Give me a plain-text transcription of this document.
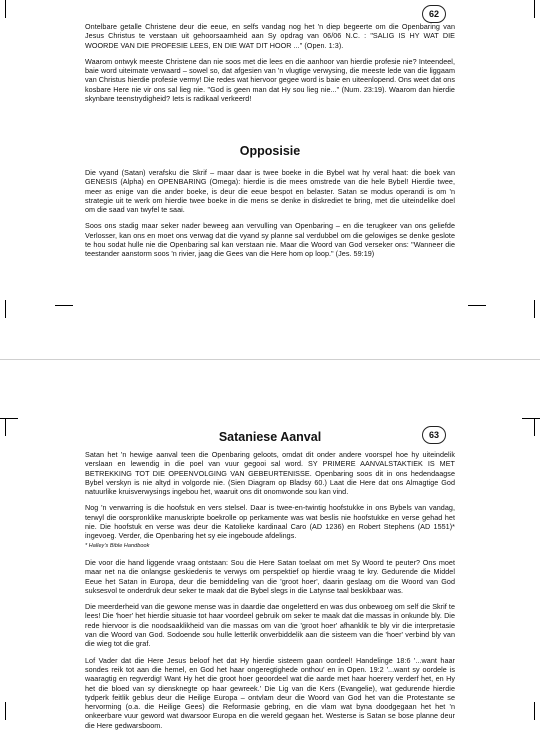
62

Ontelbare getalle Christene deur die eeue, en selfs vandag nog het 'n diep begeerte om die Openbaring van Jesus Christus te verstaan uit gehoorsaamheid aan Sy opdrag van 06/06 N.C. : "SALIG IS HY WAT DIE WOORDE VAN DIE PROFESIE LEES, EN DIE WAT DIT HOOR ..." (Open. 1:3).

Waarom ontwyk meeste Christene dan nie soos met die lees en die aanhoor van hierdie profesie nie? Inteendeel, baie word uiteimate verwaard – sowel so, dat afgesien van 'n vlugtige verwysing, die meeste lede van die liggaam van Christus hierdie profesie vermy! Die redes wat hiervoor gegee word is baie en uiteenlopend. Ons weet dat ons kosbare Here nie vir ons sal lieg nie. "God is geen man dat Hy sou lieg nie..." (Num. 23:19). Waarom dan hierdie skynbare teenstrydigheid? Iets is radikaal verkeerd!

Opposisie

Die vyand (Satan) verafsku die Skrif – maar daar is twee boeke in die Bybel wat hy veral haat: die boek van GENESIS (Alpha) en OPENBARING (Omega): hierdie is die mees omstrede van die hele Bybel! Hierdie twee, meer as enige van die ander boeke, is deur die eeue bespot en belaster. Satan se modus operandi is om 'n strategie uit te werk om hierdie twee boeke in die mens se denke in diskrediet te bring, met die uiteindelike doel om die saad van twyfel te saai.

Soos ons stadig maar seker nader beweeg aan vervulling van Openbaring – en die terugkeer van ons geliefde Verlosser, kan ons en moet ons verwag dat die vyand sy planne sal verdubbel om die gelowiges se denke geslote te hou sodat hulle nie die Openbaring sal kan verstaan nie. Maar die Woord van God verseker ons: "Wanneer die teestander aanstorm soos 'n rivier, jaag die Gees van die Here hom op loop." (Jes. 59:19)

Sataniese Aanval	63

Satan het 'n hewige aanval teen die Openbaring geloots, omdat dit onder andere voorspel hoe hy uiteindelik verslaan en lewendig in die poel van vuur gegooi sal word. SY PRIMERE AANVALSTAKTIEK IS MET BETREKKING TOT DIE OPEENVOLGING VAN GEBEURTENISSE. Openbaring soos dit in ons hedendaagse Bybel verskyn is nie altyd in volgorde nie. (Sien Diagram op Bladsy 60.) Laat die Here dat ons Almagtige God natuurlike kruisverwysings ingebou het, waaruit ons dit onomwonde sou kan vind.

Nog 'n verwarring is die hoofstuk en vers stelsel. Daar is twee-en-twintig hoofstukke in ons Bybels van vandag, terwyl die oorspronklike manuskripte boekrolle op perkamente was wat beslis nie hoofstukke en verse gehad het nie. Die hoofstuk en verse was deur die Katolieke kardinaal Caro (AD 1236) en Robert Stephens (AD 1551)* ingevoeg. Verder, die Openbaring het sy eie ingeboude afdelings.

* Halley's Bible Handbook

Die voor die hand liggende vraag ontstaan: Sou die Here Satan toelaat om met Sy Woord te peuter? Ons moet maar net na die onlangse geskiedenis te verwys om perspektief op hierdie vraag te kry. Gedurende die Middel Eeue het Satan in Europa, deur die bemiddeling van die 'groot hoer', daarin geslaag om die Woord van God suksesvol te onderdruk deur seker te maak dat die Bybel slegs in die Latynse taal beskikbaar was.

Die meerderheid van die gewone mense was in daardie dae ongeletterd en was dus onbewoeg om self die Skrif te lees! Die 'hoer' het hierdie situasie tot haar voordeel gebruik om seker te maak dat die massas in onkunde bly. Die rede hiervoor is die noodsaaklikheid van die massas om van die 'groot hoer' afhanklik te bly vir die interpretasie van die Woord van God. Sodoende sou hulle letterlik onverbiddelik aan die sisteem van die 'hoer' verbind bly van die wieg tot die graf.

Lof Vader dat die Here Jesus beloof het dat Hy hierdie sisteem gaan oordeel! Handelinge 18:6 '...want haar sondes reik tot aan die hemel, en God het haar ongeregtighede onthou' en in Open. 19:2 '...want sy oordele is waaragtig en regverdig! Want Hy het die groot hoer geoordeel wat die aarde met haar hoerery verderf het, en Hy het die bloed van sy diensknegte op haar gewreek.' Die Lig van die Kers (Evangelie), wat gedurende hierdie tydperk feitlik geblus deur die Heilige Europa – ontvlam deur die Woord van God het van die Protestante se hervorming (o.a. die Heilige Gees) die Reformasie gebring, en die vlam wat byna doodgegaan het het 'n onkeerbare vuur geword wat dwarsoor Europa en die wereld gegaan het. Westerse is Satan se bose planne deur die Here gedwarsboom.
